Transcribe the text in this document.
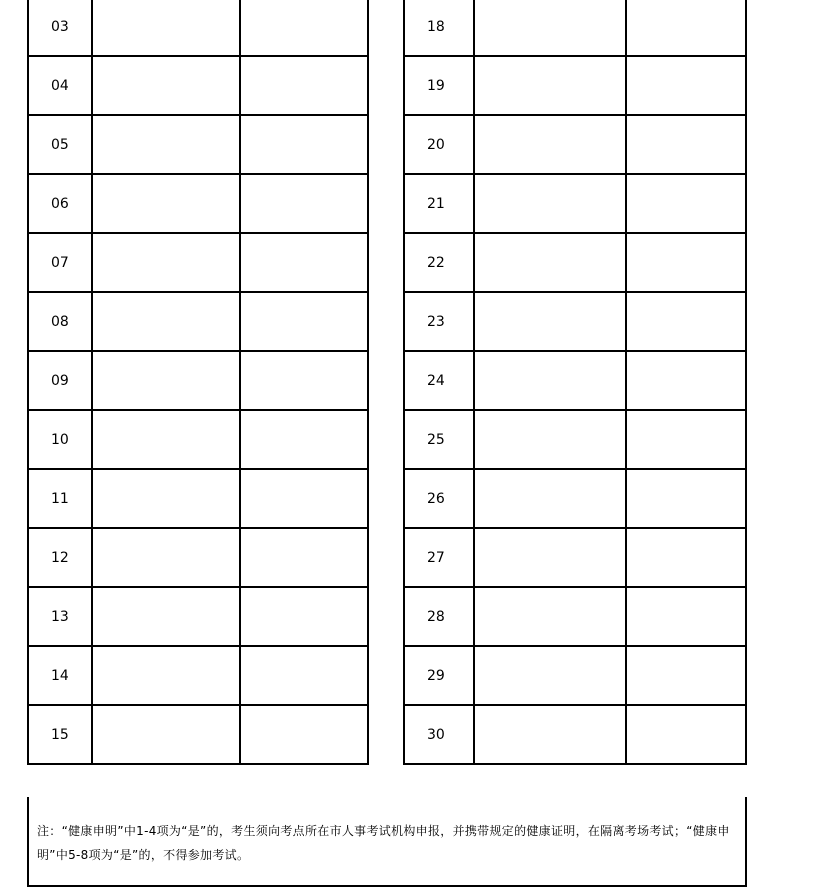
03				18		
04				19		
05				20		
06				21		
07				22		
08				23		
09				24		
10				25		
11				26		
12				27		
13				28		
14				29		
15				30		
注：“健康申明”中1-4项为“是”的，考生须向考点所在市人事考试机构申报，并携带规定的健康证明，在隔离考场考试；“健康申明”中5-8项为“是”的，不得参加考试。
